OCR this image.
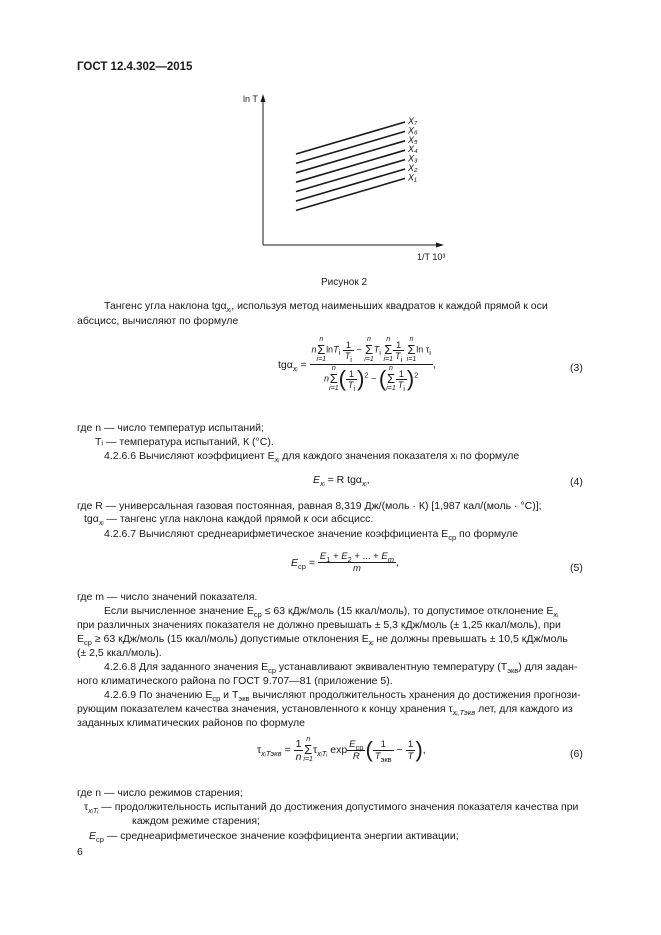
ГОСТ 12.4.302—2015
ln T
1/T 10³
X₇
X₆
X₅
X₄
X₃
X₂
X₁
Рисунок 2
Тангенс угла наклона tgα$_{xᵢ}$, используя метод наименьших квадратов к каждой прямой к оси
абсцисс, вычисляют по формуле
tgα$_{xᵢ}$ =
n
n
Σ
i=1
$\ln T_i \frac{1}{T_i}$ −
n
Σ
i=1
$T_i$
n
Σ
$i=1 \frac{1}{T_i}$
n
Σ
i=1
$\ln \tau_i$
n
n
Σ
i=1 ( $\frac{1}{T_i} )^2$ − ( n
Σ
$i=1 \frac{1}{T_i} )^2$
,	(3)
где n — число температур испытаний;
Tᵢ — температура испытаний, К (°С).
4.2.6.6 Вычисляют коэффициент $E_{xᵢ}$ для каждого значения показателя xᵢ по формуле
$E_{xᵢ} = R$ tgα$_{xᵢ}$,	(4)
где R — универсальная газовая постоянная, равная 8,319 Дж/(моль · К) [1,987 кал/(моль · °С)];
tgα$_{xᵢ}$ — тангенс угла наклона каждой прямой к оси абсцисс.
4.2.6.7 Вычисляют среднеарифметическое значение коэффициента $E_{ср}$ по формуле
$E_{ср} = \frac{E_1 + E_2 + ... + E_m}{m}$ ,	(5)
где m — число значений показателя.
Если вычисленное значение $E_{ср} \le 63$ кДж/моль (15 ккал/моль), то допустимое отклонение $E_{xᵢ}$
при различных значениях показателя не должно превышать ± 5,3 кДж/моль (± 1,25 ккал/моль), при
$E_{ср} \ge 63$ кДж/моль (15 ккал/моль) допустимые отклонения $E_{xᵢ}$ не должны превышать ± 10,5 кДж/моль
(± 2,5 ккал/моль).
4.2.6.8 Для заданного значения $E_{ср}$ устанавливают эквивалентную температуру $(T_{экв})$ для задан-
ного климатического района по ГОСТ 9.707—81 (приложение 5).
4.2.6.9 По значению $E_{ср}$ и $T_{экв}$ вычисляют продолжительность хранения до достижения прогнози-
рующим показателем качества значения, установленного к концу хранения $\tau_{xᵢ,Tэкв}$ лет, для каждого из
заданных климатических районов по формуле
$\tau_{xᵢTэкв} = \frac{1}{n}$ n
Σ
i=1
$\tau_{xᵢTᵢ}$ $\exp \frac{E_{ср}}{R}$ ( $\frac{1}{T_{экв}} - \frac{1}{T}$ ),	(6)
где n — число режимов старения;
$\tau_{xᵢTᵢ}$ — продолжительность испытаний до достижения допустимого значения показателя качества при
каждом режиме старения;
$E_{ср}$ — среднеарифметическое значение коэффициента энергии активации;
6
